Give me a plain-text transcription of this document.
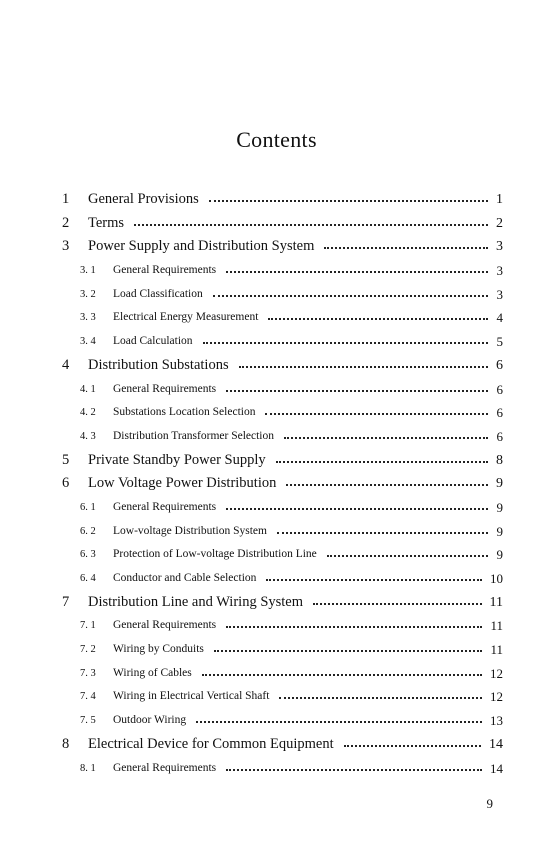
Contents
1 General Provisions	1
2 Terms	2
3 Power Supply and Distribution System	3
3. 1 General Requirements	3
3. 2 Load Classification	3
3. 3 Electrical Energy Measurement	4
3. 4 Load Calculation	5
4 Distribution Substations	6
4. 1 General Requirements	6
4. 2 Substations Location Selection	6
4. 3 Distribution Transformer Selection	6
5 Private Standby Power Supply	8
6 Low Voltage Power Distribution	9
6. 1 General Requirements	9
6. 2 Low-voltage Distribution System	9
6. 3 Protection of Low-voltage Distribution Line	9
6. 4 Conductor and Cable Selection	10
7 Distribution Line and Wiring System	11
7. 1 General Requirements	11
7. 2 Wiring by Conduits	11
7. 3 Wiring of Cables	12
7. 4 Wiring in Electrical Vertical Shaft	12
7. 5 Outdoor Wiring	13
8 Electrical Device for Common Equipment	14
8. 1 General Requirements	14
9
